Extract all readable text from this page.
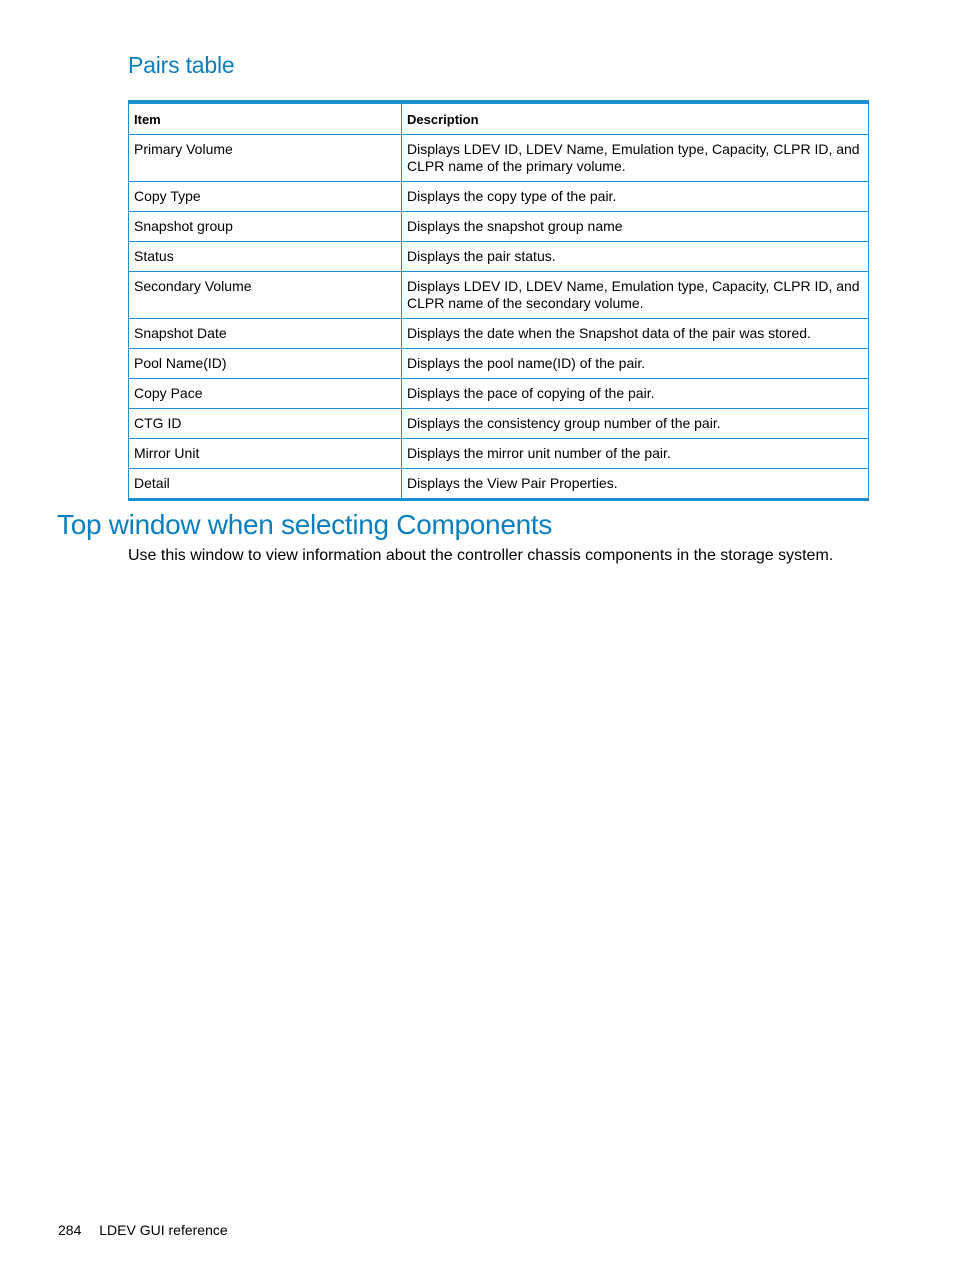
Pairs table
Item	Description
Primary Volume	Displays LDEV ID, LDEV Name, Emulation type, Capacity, CLPR ID, and CLPR name of the primary volume.
Copy Type	Displays the copy type of the pair.
Snapshot group	Displays the snapshot group name
Status	Displays the pair status.
Secondary Volume	Displays LDEV ID, LDEV Name, Emulation type, Capacity, CLPR ID, and CLPR name of the secondary volume.
Snapshot Date	Displays the date when the Snapshot data of the pair was stored.
Pool Name(ID)	Displays the pool name(ID) of the pair.
Copy Pace	Displays the pace of copying of the pair.
CTG ID	Displays the consistency group number of the pair.
Mirror Unit	Displays the mirror unit number of the pair.
Detail	Displays the View Pair Properties.
Top window when selecting Components

Use this window to view information about the controller chassis components in the storage system.

284 LDEV GUI reference
